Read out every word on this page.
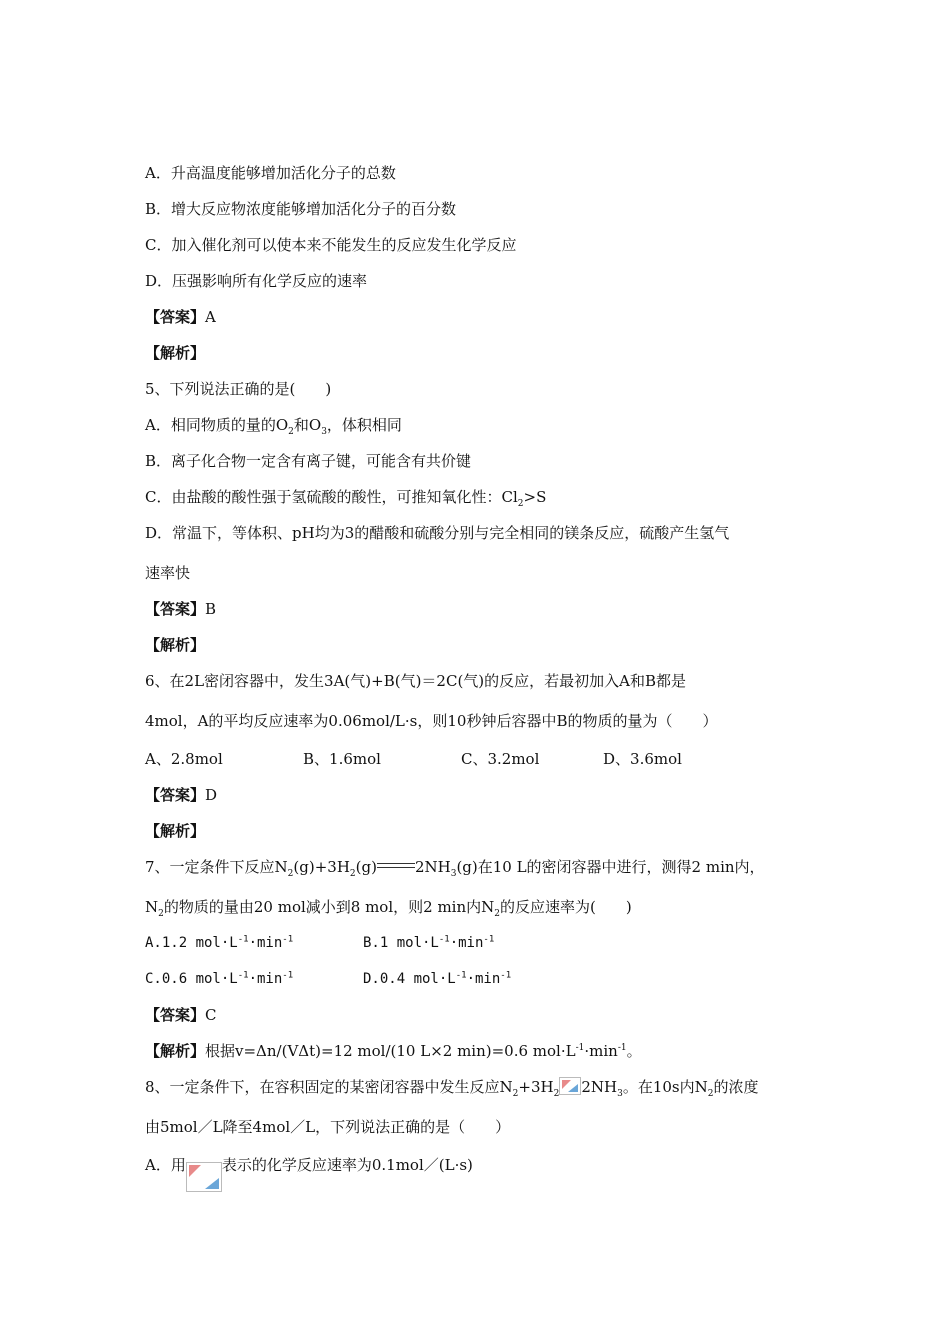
A．升高温度能够增加活化分子的总数
B．增大反应物浓度能够增加活化分子的百分数
C．加入催化剂可以使本来不能发生的反应发生化学反应
D．压强影响所有化学反应的速率
【答案】A
【解析】
5、下列说法正确的是(　　)
A．相同物质的量的$O_2$和$O_3$，体积相同
B．离子化合物一定含有离子键，可能含有共价键
C．由盐酸的酸性强于氢硫酸的酸性，可推知氧化性：$Cl_2>S$
D．常温下，等体积、pH均为3的醋酸和硫酸分别与完全相同的镁条反应，硫酸产生氢气
速率快
【答案】B
【解析】
6、在2L密闭容器中，发生3A(气)+B(气)＝2C(气)的反应，若最初加入A和B都是
4mol，A的平均反应速率为0.06mol/L·s，则10秒钟后容器中B的物质的量为（　　）
A、2.8mol	B、1.6mol	C、3.2mol	D、3.6mol
【答案】D
【解析】
7、一定条件下反应$N_2(g)+3H_2(g)$	$2NH_3(g)$在10 L的密闭容器中进行，测得2 min内，
$N_2$的物质的量由20 mol减小到8 mol，则2 min内$N_2$的反应速率为(　　)
A.1.2 $mol\cdot L^{-1}\cdot\min^{-1}$	B.1 $mol\cdot L^{-1}\cdot\min^{-1}$
C.0.6 $mol\cdot L^{-1}\cdot\min^{-1}$	D.0.4 $mol\cdot L^{-1}\cdot\min^{-1}$
【答案】C
【解析】根据v=Δn/(VΔt)=12 mol/(10 L×2 min)=0.6 $mol\cdot L^{-1}\cdot\min^{-1}$。
8、一定条件下，在容积固定的某密闭容器中发生反应$N_2+3H_2$ $2NH_3$。在10s内$N_2$的浓度
由5mol／L降至4mol／L，下列说法正确的是（　　）
A．用 表示的化学反应速率为0.1mol／(L·s)
